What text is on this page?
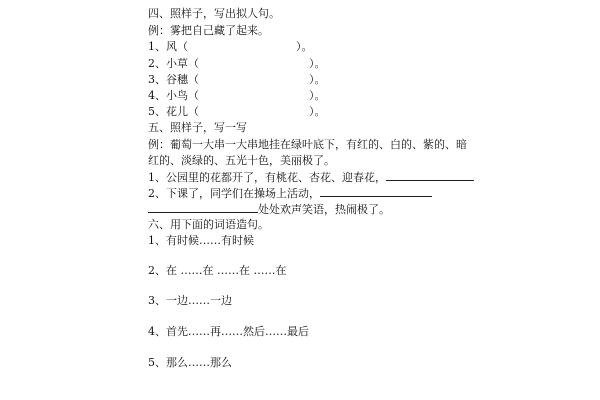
四、照样子，写出拟人句。
例：雾把自己藏了起来。
1、风（	）。
2、小草（	）。
3、谷穗（	）。
4、小鸟（	）。
5、花儿（	）。
五、照样子，写一写
例：葡萄一大串一大串地挂在绿叶底下，有红的、白的、紫的、暗
红的、淡绿的、五光十色，美丽极了。
1、公园里的花都开了，有桃花、杏花、迎春花，
2、下课了，同学们在操场上活动，
处处欢声笑语，热闹极了。
六、用下面的词语造句。
1、有时候……有时候
2、在 ……在 ……在 ……在
3、一边……一边
4、首先……再……然后……最后
5、那么……那么
